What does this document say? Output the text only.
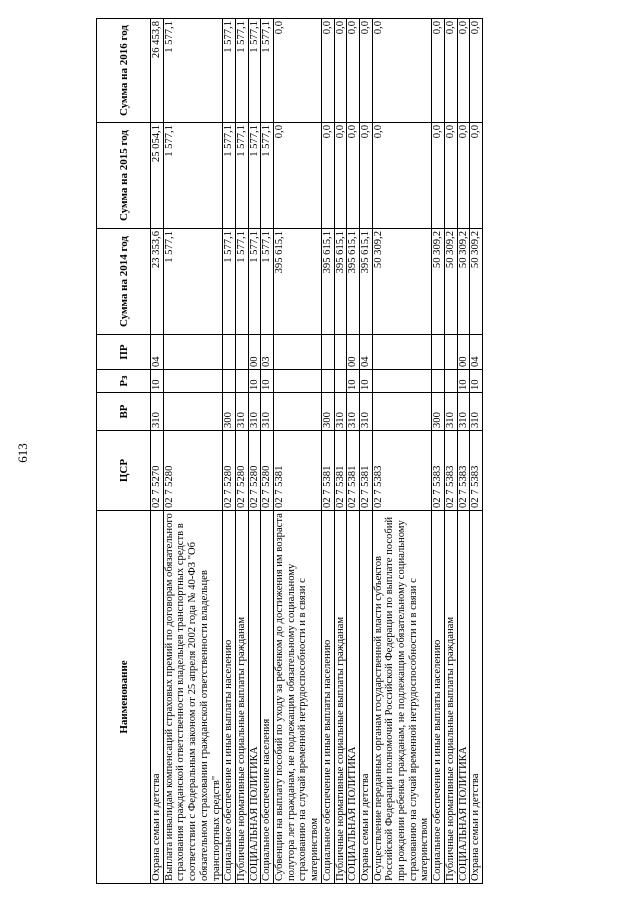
613
Наименование	ЦСР	ВР	Рз	ПР	Сумма на 2014 год	Сумма на 2015 год	Сумма на 2016 год
Охрана семьи и детства	02 7 5270	310	10	04	23 353,6	25 054,1	26 453,8
Выплата инвалидам компенсаций страховых премий по договорам обязательного страхования гражданской ответственности владельцев транспортных средств в соответствии с Федеральным законом от 25 апреля 2002 года № 40-ФЗ "Об обязательном страховании гражданской ответственности владельцев транспортных средств"	02 7 5280				1 577,1	1 577,1	1 577,1
Социальное обеспечение и иные выплаты населению	02 7 5280	300			1 577,1	1 577,1	1 577,1
Публичные нормативные социальные выплаты гражданам	02 7 5280	310			1 577,1	1 577,1	1 577,1
СОЦИАЛЬНАЯ ПОЛИТИКА	02 7 5280	310	10	00	1 577,1	1 577,1	1 577,1
Социальное обеспечение населения	02 7 5280	310	10	03	1 577,1	1 577,1	1 577,1
Субвенции на выплату пособий по уходу за ребенком до достижения им возраста полутора лет гражданам, не подлежащим обязательному социальному страхованию на случай временной нетрудоспособности и в связи с материнством	02 7 5381				395 615,1	0,0	0,0
Социальное обеспечение и иные выплаты населению	02 7 5381	300			395 615,1	0,0	0,0
Публичные нормативные социальные выплаты гражданам	02 7 5381	310			395 615,1	0,0	0,0
СОЦИАЛЬНАЯ ПОЛИТИКА	02 7 5381	310	10	00	395 615,1	0,0	0,0
Охрана семьи и детства	02 7 5381	310	10	04	395 615,1	0,0	0,0
Осуществление переданных органам государственной власти субъектов Российской Федерации полномочий Российской Федерации по выплате пособий при рождении ребенка гражданам, не подлежащим обязательному социальному страхованию на случай временной нетрудоспособности и в связи с материнством	02 7 5383				50 309,2	0,0	0,0
Социальное обеспечение и иные выплаты населению	02 7 5383	300			50 309,2	0,0	0,0
Публичные нормативные социальные выплаты гражданам	02 7 5383	310			50 309,2	0,0	0,0
СОЦИАЛЬНАЯ ПОЛИТИКА	02 7 5383	310	10	00	50 309,2	0,0	0,0
Охрана семьи и детства	02 7 5383	310	10	04	50 309,2	0,0	0,0
